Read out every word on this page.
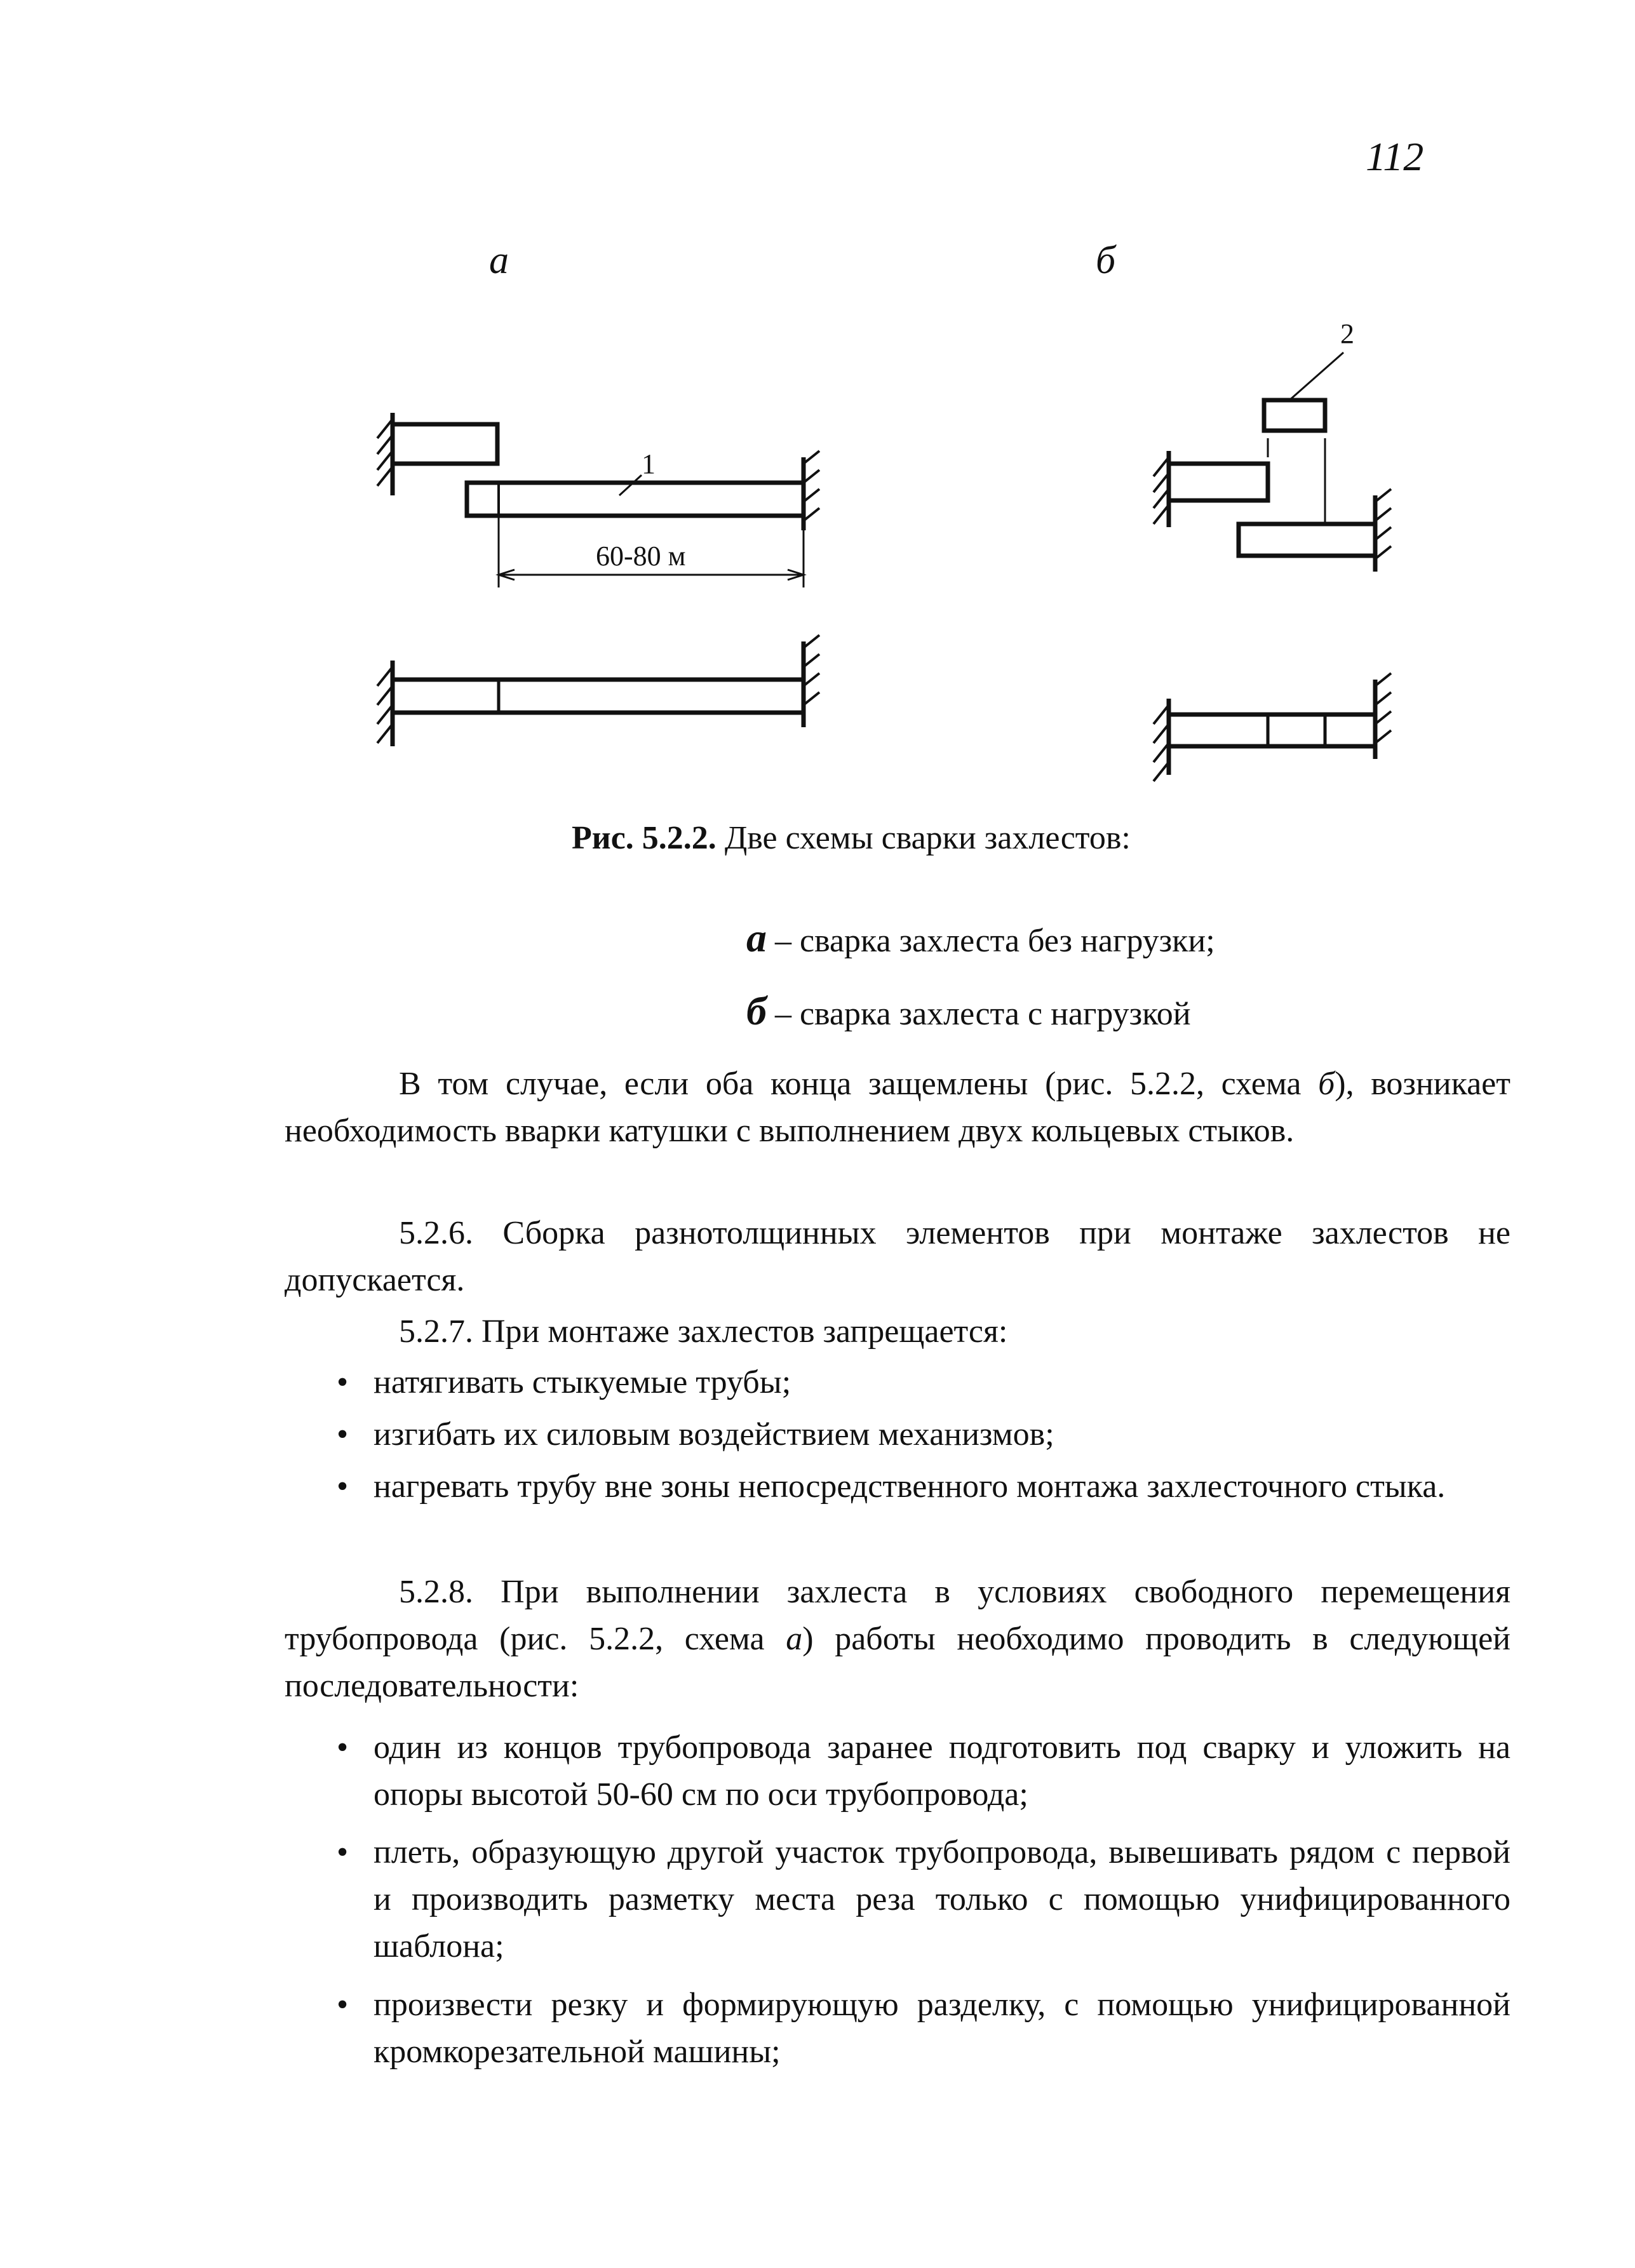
112
а	б
1
2
60-80 м
Рис. 5.2.2. Две схемы сварки захлестов:
а – сварка захлеста без нагрузки;
б – сварка захлеста с нагрузкой
В том случае, если оба конца защемлены (рис. 5.2.2, схема б), возникает необходимость вварки катушки с выполнением двух кольцевых стыков.
5.2.6. Сборка разнотолщинных элементов при монтаже захлестов не допускается.
5.2.7. При монтаже захлестов запрещается:
• натягивать стыкуемые трубы;
• изгибать их силовым воздействием механизмов;
• нагревать трубу вне зоны непосредственного монтажа захлесточного стыка.
5.2.8. При выполнении захлеста в условиях свободного перемещения трубопровода (рис. 5.2.2, схема а) работы необходимо проводить в следующей последовательности:
• один из концов трубопровода заранее подготовить под сварку и уложить на опоры высотой 50-60 см по оси трубопровода;
• плеть, образующую другой участок трубопровода, вывешивать рядом с первой и производить разметку места реза только с помощью унифицированного шаблона;
• произвести резку и формирующую разделку, с помощью унифицированной кромкорезательной машины;
